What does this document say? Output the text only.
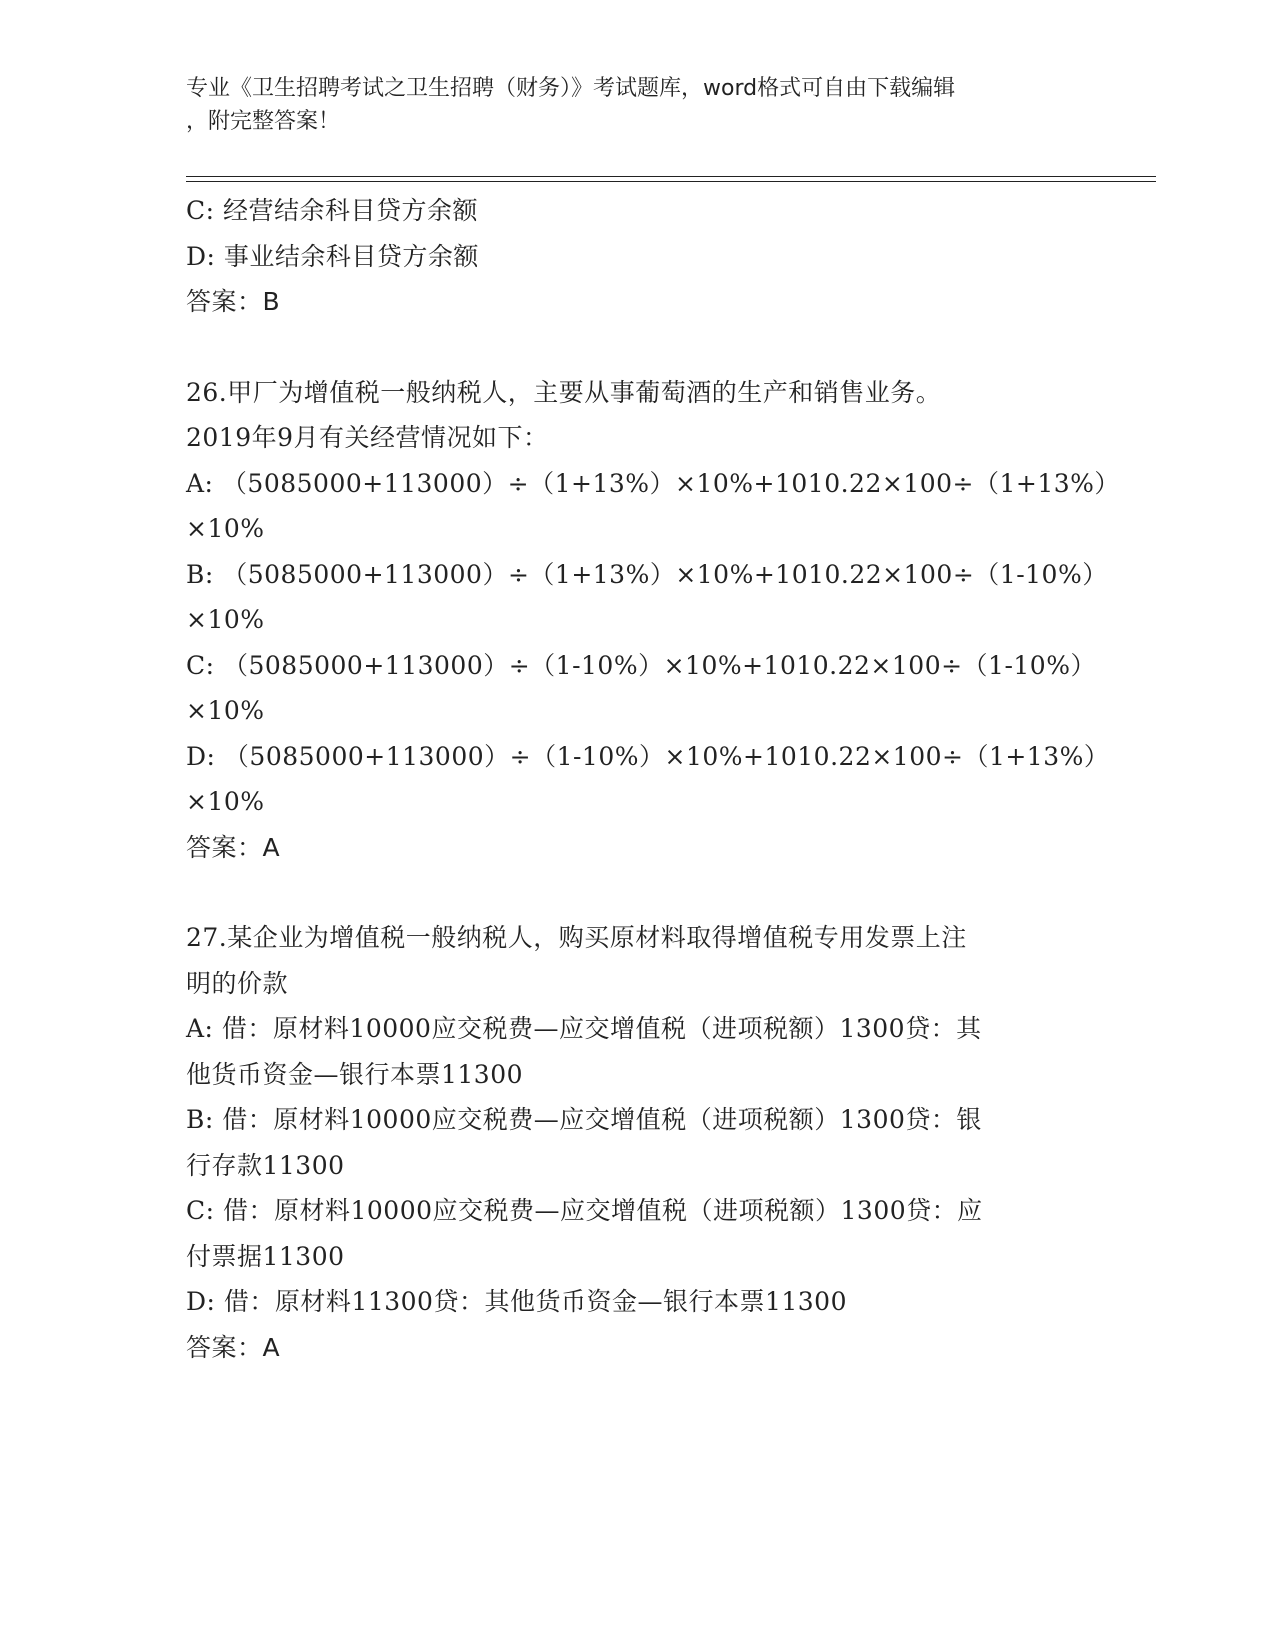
专业《卫生招聘考试之卫生招聘（财务）》考试题库，word格式可自由下载编辑
，附完整答案！
C: 经营结余科目贷方余额
D: 事业结余科目贷方余额
答案：B
26.甲厂为增值税一般纳税人，主要从事葡萄酒的生产和销售业务。
2019年9月有关经营情况如下：
A: （5085000+113000）÷（1+13%）×10%+1010.22×100÷（1+13%）
×10%
B: （5085000+113000）÷（1+13%）×10%+1010.22×100÷（1-10%）
×10%
C: （5085000+113000）÷（1-10%）×10%+1010.22×100÷（1-10%）
×10%
D: （5085000+113000）÷（1-10%）×10%+1010.22×100÷（1+13%）
×10%
答案：A
27.某企业为增值税一般纳税人，购买原材料取得增值税专用发票上注
明的价款
A: 借：原材料10000应交税费—应交增值税（进项税额）1300贷：其
他货币资金—银行本票11300
B: 借：原材料10000应交税费—应交增值税（进项税额）1300贷：银
行存款11300
C: 借：原材料10000应交税费—应交增值税（进项税额）1300贷：应
付票据11300
D: 借：原材料11300贷：其他货币资金—银行本票11300
答案：A
